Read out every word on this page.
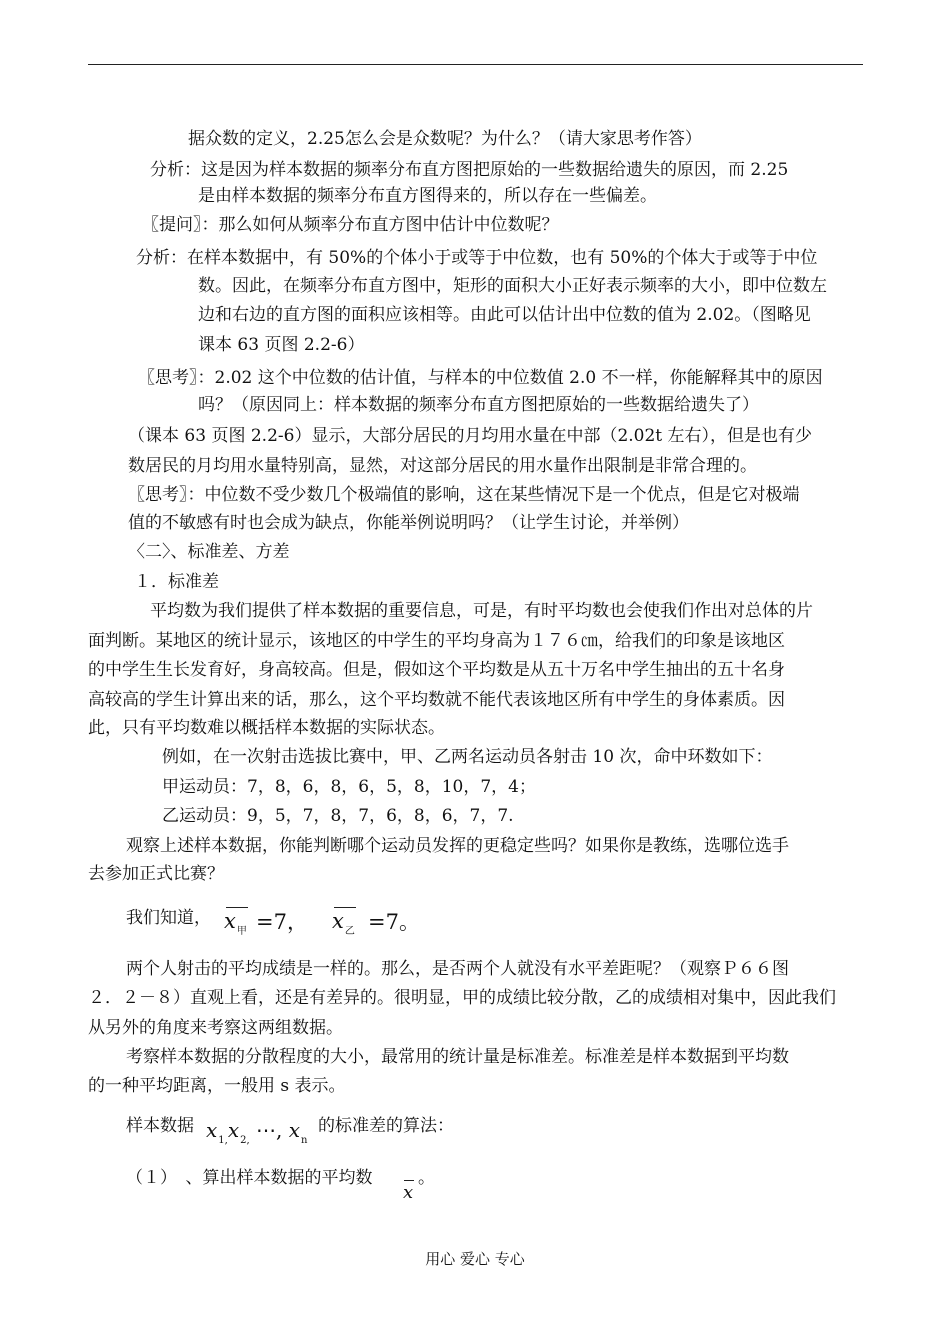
据众数的定义，2.25怎么会是众数呢？为什么？（请大家思考作答）
分析：这是因为样本数据的频率分布直方图把原始的一些数据给遗失的原因，而 2.25
是由样本数据的频率分布直方图得来的，所以存在一些偏差。
〖提问〗：那么如何从频率分布直方图中估计中位数呢？
分析：在样本数据中，有 50%的个体小于或等于中位数，也有 50%的个体大于或等于中位
数。因此，在频率分布直方图中，矩形的面积大小正好表示频率的大小，即中位数左
边和右边的直方图的面积应该相等。由此可以估计出中位数的值为 2.02。（图略见
课本 63 页图 2.2-6）
〖思考〗：2.02 这个中位数的估计值，与样本的中位数值 2.0 不一样，你能解释其中的原因
吗？（原因同上：样本数据的频率分布直方图把原始的一些数据给遗失了）
（课本 63 页图 2.2-6）显示，大部分居民的月均用水量在中部（2.02t 左右），但是也有少
数居民的月均用水量特别高，显然，对这部分居民的用水量作出限制是非常合理的。
〖思考〗：中位数不受少数几个极端值的影响，这在某些情况下是一个优点，但是它对极端
值的不敏感有时也会成为缺点，你能举例说明吗？（让学生讨论，并举例）
〈二〉、标准差、方差
１．标准差
平均数为我们提供了样本数据的重要信息，可是，有时平均数也会使我们作出对总体的片
面判断。某地区的统计显示，该地区的中学生的平均身高为１７６㎝，给我们的印象是该地区
的中学生生长发育好，身高较高。但是，假如这个平均数是从五十万名中学生抽出的五十名身
高较高的学生计算出来的话，那么，这个平均数就不能代表该地区所有中学生的身体素质。因
此，只有平均数难以概括样本数据的实际状态。
例如，在一次射击选拔比赛中，甲、乙两名运动员各射击 10 次，命中环数如下：
甲运动员：7，8，6，8，6，5，8，10，7，4；
乙运动员：9，5，7，8，7，6，8，6，7，7.
观察上述样本数据，你能判断哪个运动员发挥的更稳定些吗？如果你是教练，选哪位选手
去参加正式比赛？
我们知道， $x_甲 =7$， $x_乙 =7$。
两个人射击的平均成绩是一样的。那么，是否两个人就没有水平差距呢？（观察Ｐ６６图
２．２－８）直观上看，还是有差异的。很明显，甲的成绩比较分散，乙的成绩相对集中，因此我们
从另外的角度来考察这两组数据。
考察样本数据的分散程度的大小，最常用的统计量是标准差。标准差是样本数据到平均数
的一种平均距离，一般用 s 表示。
样本数据 $x_{1,}x_{2,}$ ⋯, $x_n$
的标准差的算法：
（１）　、算出样本数据的平均数
x
。
用心 爱心 专心
